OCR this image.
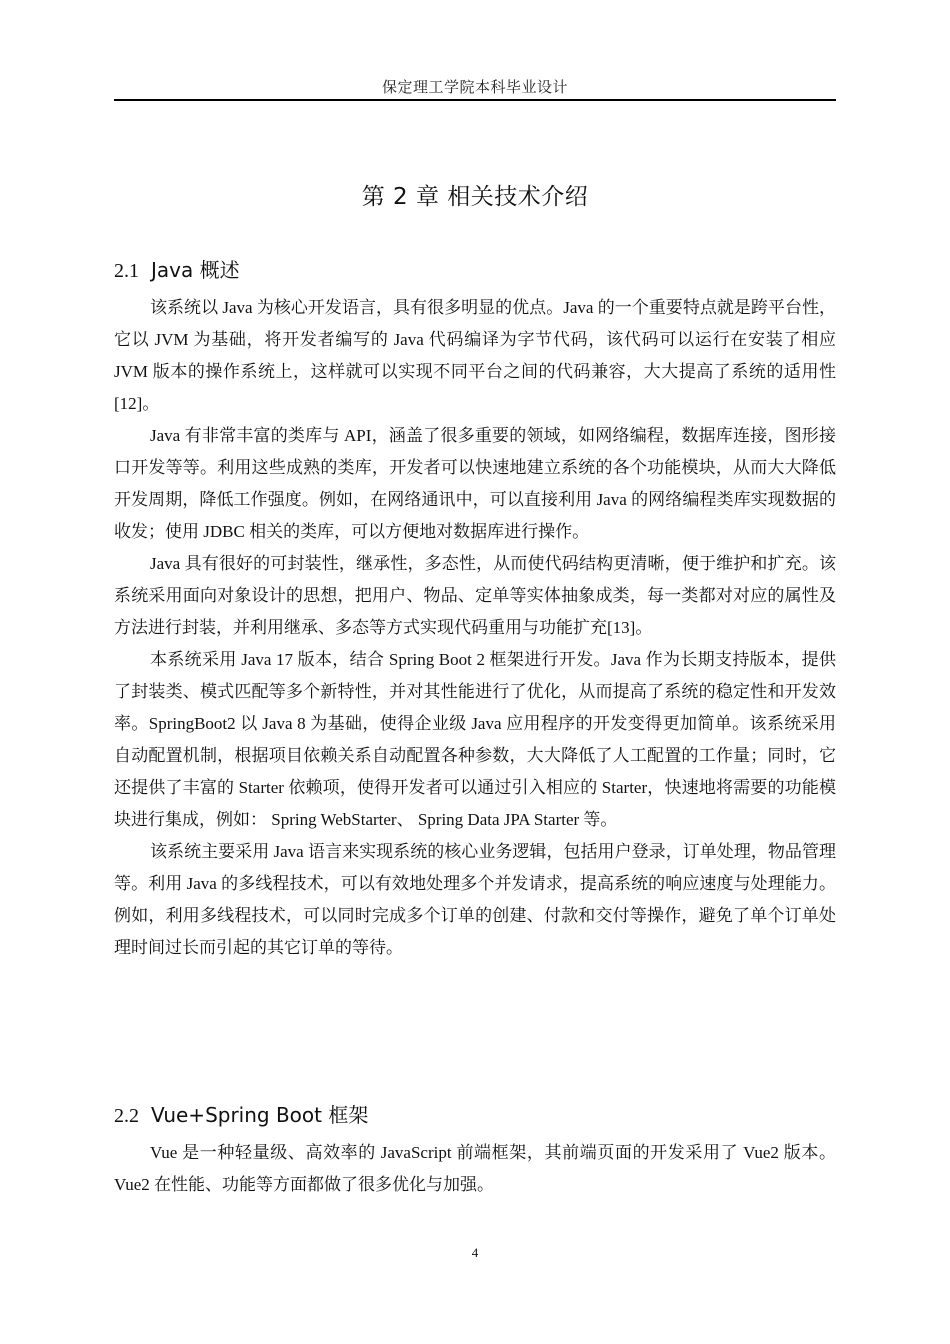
保定理工学院本科毕业设计
第 2 章 相关技术介绍
2.1 Java 概述

该系统以 Java 为核心开发语言，具有很多明显的优点。Java 的一个重要特点就是跨平台性，它以 JVM 为基础，将开发者编写的 Java 代码编译为字节代码，该代码可以运行在安装了相应 JVM 版本的操作系统上，这样就可以实现不同平台之间的代码兼容，大大提高了系统的适用性[12]。

Java 有非常丰富的类库与 API，涵盖了很多重要的领域，如网络编程，数据库连接，图形接口开发等等。利用这些成熟的类库，开发者可以快速地建立系统的各个功能模块，从而大大降低开发周期，降低工作强度。例如，在网络通讯中，可以直接利用 Java 的网络编程类库实现数据的收发；使用 JDBC 相关的类库，可以方便地对数据库进行操作。

Java 具有很好的可封装性，继承性，多态性，从而使代码结构更清晰，便于维护和扩充。该系统采用面向对象设计的思想，把用户、物品、定单等实体抽象成类，每一类都对对应的属性及方法进行封装，并利用继承、多态等方式实现代码重用与功能扩充[13]。

本系统采用 Java 17 版本，结合 Spring Boot 2 框架进行开发。Java 作为长期支持版本，提供了封装类、模式匹配等多个新特性，并对其性能进行了优化，从而提高了系统的稳定性和开发效率。SpringBoot2 以 Java 8 为基础，使得企业级 Java 应用程序的开发变得更加简单。该系统采用自动配置机制，根据项目依赖关系自动配置各种参数，大大降低了人工配置的工作量；同时，它还提供了丰富的 Starter 依赖项，使得开发者可以通过引入相应的 Starter，快速地将需要的功能模块进行集成，例如： Spring WebStarter、 Spring Data JPA Starter 等。

该系统主要采用 Java 语言来实现系统的核心业务逻辑，包括用户登录，订单处理，物品管理等。利用 Java 的多线程技术，可以有效地处理多个并发请求，提高系统的响应速度与处理能力。例如，利用多线程技术，可以同时完成多个订单的创建、付款和交付等操作，避免了单个订单处理时间过长而引起的其它订单的等待。

2.2 Vue+Spring Boot 框架

Vue 是一种轻量级、高效率的 JavaScript 前端框架，其前端页面的开发采用了 Vue2 版本。Vue2 在性能、功能等方面都做了很多优化与加强。

4
